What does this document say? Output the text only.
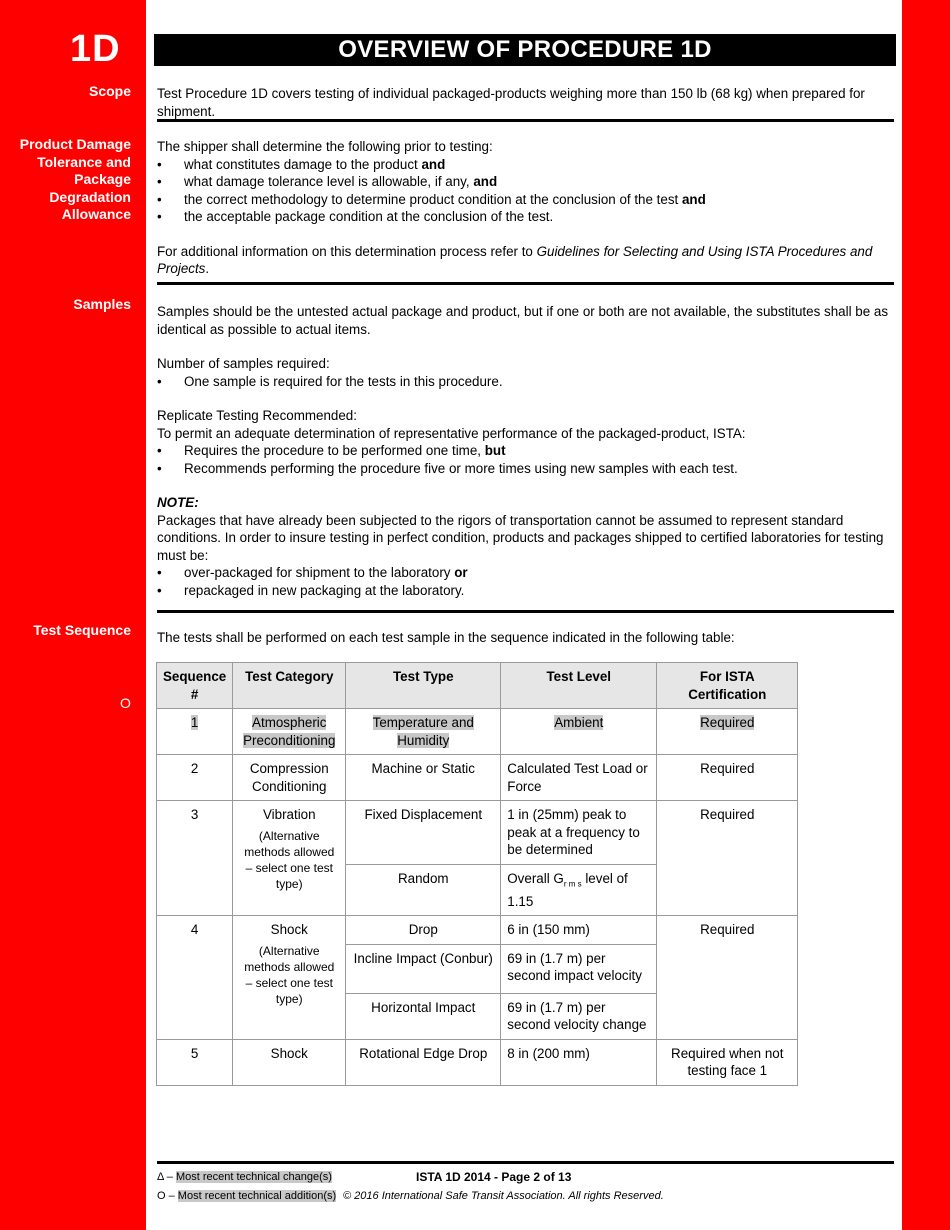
1D	OVERVIEW OF PROCEDURE 1D
Scope
Product Damage
Tolerance and
Package
Degradation
Allowance
Samples
Test Sequence
O

Test Procedure 1D covers testing of individual packaged-products weighing more than 150 lb (68 kg) when prepared for shipment.

The shipper shall determine the following prior to testing:

• what constitutes damage to the product and
• what damage tolerance level is allowable, if any, and
• the correct methodology to determine product condition at the conclusion of the test and
• the acceptable package condition at the conclusion of the test.

For additional information on this determination process refer to Guidelines for Selecting and Using ISTA Procedures and Projects.

Samples should be the untested actual package and product, but if one or both are not available, the substitutes shall be as identical as possible to actual items.

Number of samples required:

• One sample is required for the tests in this procedure.

Replicate Testing Recommended:

To permit an adequate determination of representative performance of the packaged-product, ISTA:

• Requires the procedure to be performed one time, but
• Recommends performing the procedure five or more times using new samples with each test.

NOTE:

Packages that have already been subjected to the rigors of transportation cannot be assumed to represent standard conditions. In order to insure testing in perfect condition, products and packages shipped to certified laboratories for testing must be:

• over-packaged for shipment to the laboratory or
• repackaged in new packaging at the laboratory.

The tests shall be performed on each test sample in the sequence indicated in the following table:

Sequence #	Test Category	Test Type	Test Level	For ISTA Certification
1	Atmospheric Preconditioning	Temperature and Humidity	Ambient	Required
2	Compression Conditioning	Machine or Static	Calculated Test Load or Force	Required
3	Vibration
(Alternative methods allowed – select one test type)	Fixed Displacement	1 in (25mm) peak to peak at a frequency to be determined	Required
		Random	Overall $G_{r m s}$ level of 1.15	
4	Shock
(Alternative methods allowed – select one test type)	Drop	6 in (150 mm)	Required
		Incline Impact (Conbur)	69 in (1.7 m) per second impact velocity	
		Horizontal Impact	69 in (1.7 m) per second velocity change	
5	Shock	Rotational Edge Drop	8 in (200 mm)	Required when not testing face 1
Δ – Most recent technical change(s)	ISTA 1D 2014 - Page 2 of 13
O – Most recent technical addition(s) © 2016 International Safe Transit Association. All rights Reserved.
